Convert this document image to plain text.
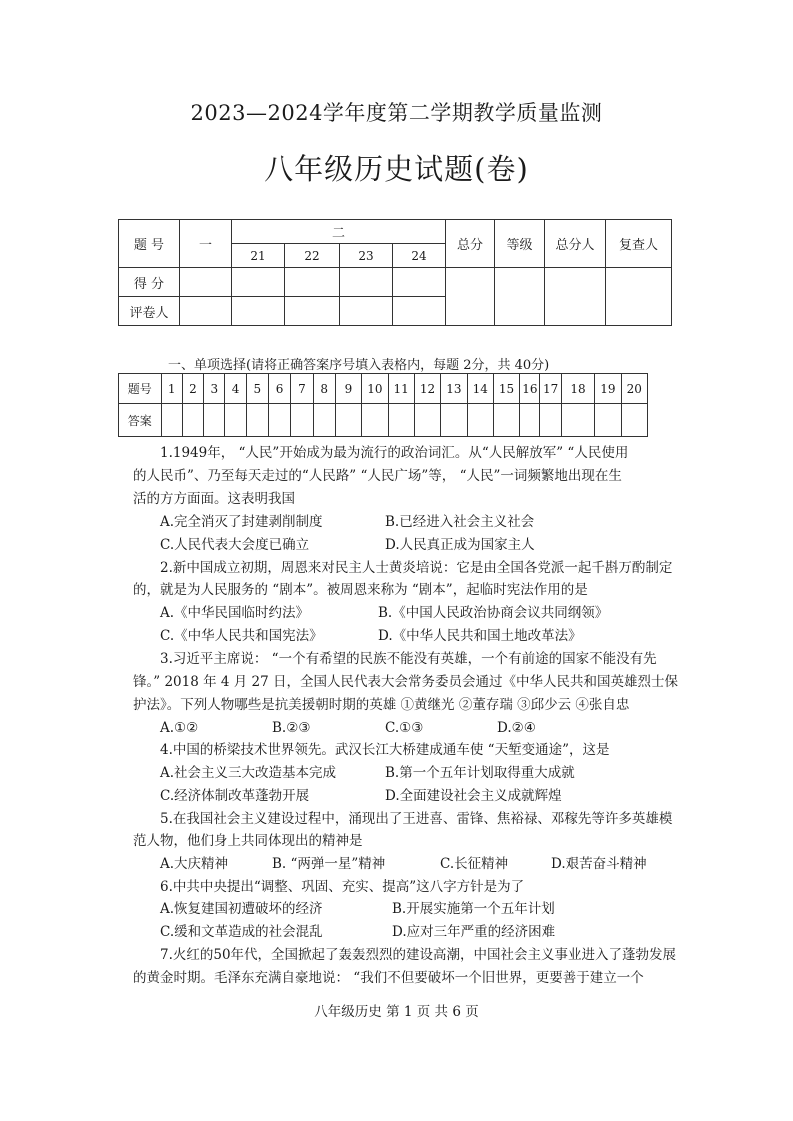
2023—2024学年度第二学期教学质量监测
八年级历史试题(卷)
题 号	一	二				总分	等级	总分人	复查人
		21	22	23	24				
得 分									
评卷人									
一、单项选择(请将正确答案序号填入表格内，每题 2分，共 40分)
题号	1	2	3	4	5	6	7	8	9	10	11	12	13	14	15	16	17	18	19	20
答案																				
1.1949年， “人民”开始成为最为流行的政治词汇。从“人民解放军” “人民使用
的人民币”、乃至每天走过的“人民路” “人民广场”等， “人民”一词频繁地出现在生
活的方方面面。这表明我国
A.完全消灭了封建剥削制度	B.已经进入社会主义社会
C.人民代表大会度已确立	D.人民真正成为国家主人
2.新中国成立初期，周恩来对民主人士黄炎培说：它是由全国各党派一起千斟万酌制定
的，就是为人民服务的 “剧本”。被周恩来称为 “剧本”，起临时宪法作用的是
A.《中华民国临时约法》	B.《中国人民政治协商会议共同纲领》
C.《中华人民共和国宪法》	D.《中华人民共和国土地改革法》
3.习近平主席说： “一个有希望的民族不能没有英雄，一个有前途的国家不能没有先
锋。” 2018 年 4 月 27 日，全国人民代表大会常务委员会通过《中华人民共和国英雄烈士保
护法》。下列人物哪些是抗美援朝时期的英雄 ①黄继光 ②董存瑞 ③邱少云 ④张自忠
A.①②	B.②③	C.①③	D.②④
4.中国的桥梁技术世界领先。武汉长江大桥建成通车使 “天堑变通途”，这是
A.社会主义三大改造基本完成	B.第一个五年计划取得重大成就
C.经济体制改革蓬勃开展	D.全面建设社会主义成就辉煌
5.在我国社会主义建设过程中，涌现出了王进喜、雷锋、焦裕禄、邓稼先等许多英雄模
范人物，他们身上共同体现出的精神是
A.大庆精神	B. “两弹一星”精神	C.长征精神	D.艰苦奋斗精神
6.中共中央提出“调整、巩固、充实、提高”这八字方针是为了
A.恢复建国初遭破坏的经济	B.开展实施第一个五年计划
C.缓和文革造成的社会混乱	D.应对三年严重的经济困难
7.火红的50年代，全国掀起了轰轰烈烈的建设高潮，中国社会主义事业进入了蓬勃发展
的黄金时期。毛泽东充满自豪地说： “我们不但要破坏一个旧世界，更要善于建立一个
八年级历史 第 1 页 共 6 页
